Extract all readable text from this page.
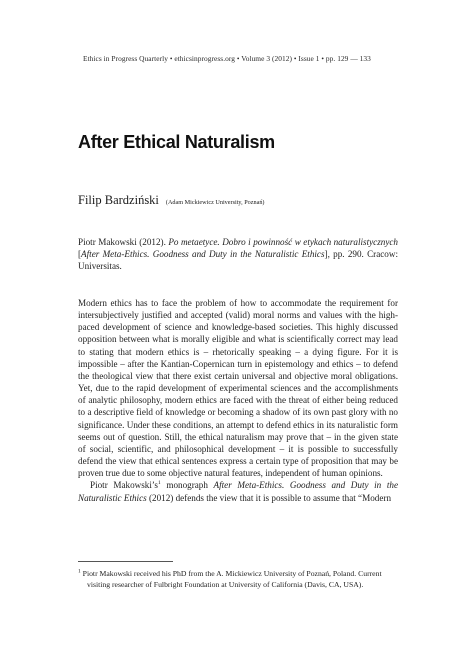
Ethics in Progress Quarterly • ethicsinprogress.org • Volume 3 (2012) • Issue 1 • pp. 129 — 133
After Ethical Naturalism
Filip Bardziński (Adam Mickiewicz University, Poznań)

Piotr Makowski (2012). Po metaetyce. Dobro i powinność w etykach naturalistycznych [After Meta-Ethics. Goodness and Duty in the Naturalistic Ethics], pp. 290. Cracow: Universitas.

Modern ethics has to face the problem of how to accommodate the requirement for intersubjectively justified and accepted (valid) moral norms and values with the high-paced development of science and knowledge-based societies. This highly discussed opposition between what is morally eligible and what is scientifically correct may lead to stating that modern ethics is – rhetorically speaking – a dying figure. For it is impossible – after the Kantian-Copernican turn in epistemology and ethics – to defend the theological view that there exist certain universal and objective moral obligations. Yet, due to the rapid development of experimental sciences and the accomplishments of analytic philosophy, modern ethics are faced with the threat of either being reduced to a descriptive field of knowledge or becoming a shadow of its own past glory with no significance. Under these conditions, an attempt to defend ethics in its naturalistic form seems out of question. Still, the ethical naturalism may prove that – in the given state of social, scientific, and philosophical development – it is possible to successfully defend the view that ethical sentences express a certain type of proposition that may be proven true due to some objective natural features, independent of human opinions.

Piotr $Makowski’s^1$ monograph After Meta-Ethics. Goodness and Duty in the Naturalistic Ethics (2012) defends the view that it is possible to assume that “Modern

$^1$ Piotr Makowski received his PhD from the A. Mickiewicz University of Poznań, Poland. Current visiting researcher of Fulbright Foundation at University of California (Davis, CA, USA).
